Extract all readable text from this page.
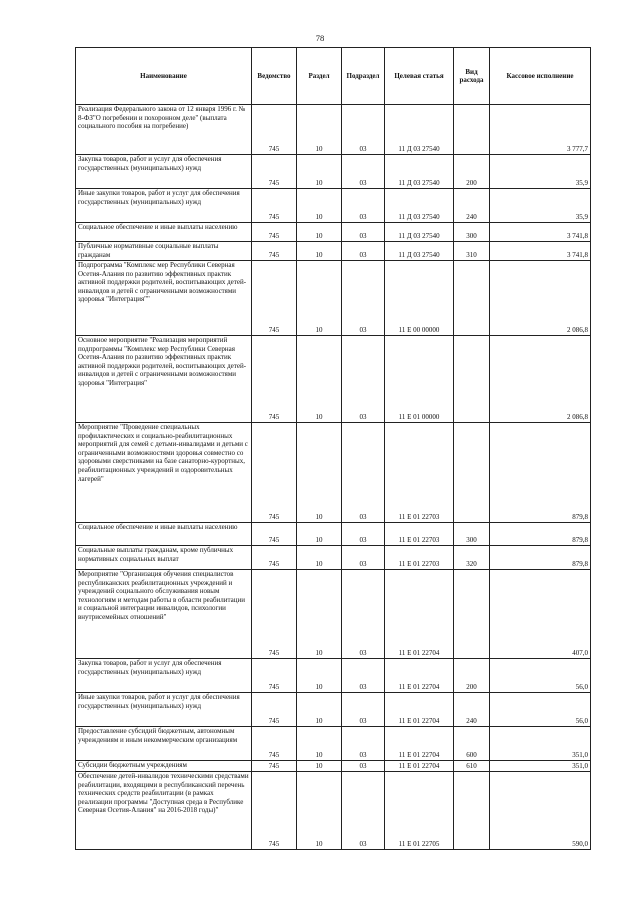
78
Наименование	Ведомство	Раздел	Подраздел	Целевая статья	Вид расхода	Кассовое исполнение
Реализация Федерального закона от 12 января 1996 г. № 8-ФЗ"О погребении и похоронном деле" (выплата социального пособия на погребение)	745	10	03	11 Д 03 27540		3 777,7
Закупка товаров, работ и услуг для обеспечения государственных (муниципальных) нужд	745	10	03	11 Д 03 27540	200	35,9
Иные закупки товаров, работ и услуг для обеспечения государственных (муниципальных) нужд	745	10	03	11 Д 03 27540	240	35,9
Социальное обеспечение и иные выплаты населению	745	10	03	11 Д 03 27540	300	3 741,8
Публичные нормативные социальные выплаты гражданам	745	10	03	11 Д 03 27540	310	3 741,8
Подпрограмма "Комплекс мер Республики Северная Осетия-Алания по развитию эффективных практик активной поддержки родителей, воспитывающих детей-инвалидов и детей с ограниченными возможностями здоровья "Интеграция""	745	10	03	11 Е 00 00000		2 086,8
Основное мероприятие "Реализация мероприятий подпрограммы "Комплекс мер Республики Северная Осетия-Алания по развитию эффективных практик активной поддержки родителей, воспитывающих детей-инвалидов и детей с ограниченными возможностями здоровья "Интеграция"	745	10	03	11 Е 01 00000		2 086,8
Мероприятие "Проведение специальных профилактических и социально-реабилитационных мероприятий для семей с детьми-инвалидами и детьми с ограниченными возможностями здоровья совместно со здоровыми сверстниками на базе санаторно-курортных, реабилитационных учреждений и оздоровительных лагерей"	745	10	03	11 Е 01 22703		879,8
Социальное обеспечение и иные выплаты населению	745	10	03	11 Е 01 22703	300	879,8
Социальные выплаты гражданам, кроме публичных нормативных социальных выплат	745	10	03	11 Е 01 22703	320	879,8
Мероприятие "Организация обучения специалистов республиканских реабилитационных учреждений и учреждений социального обслуживания новым технологиям и методам работы в области реабилитации и социальной интеграции инвалидов, психологии внутрисемейных отношений"	745	10	03	11 Е 01 22704		407,0
Закупка товаров, работ и услуг для обеспечения государственных (муниципальных) нужд	745	10	03	11 Е 01 22704	200	56,0
Иные закупки товаров, работ и услуг для обеспечения государственных (муниципальных) нужд	745	10	03	11 Е 01 22704	240	56,0
Предоставление субсидий бюджетным, автономным учреждениям и иным некоммерческим организациям	745	10	03	11 Е 01 22704	600	351,0
Субсидии бюджетным учреждениям	745	10	03	11 Е 01 22704	610	351,0
Обеспечение детей-инвалидов техническими средствами реабилитации, входящими в республиканский перечень технических средств реабилитации (в рамках реализации программы "Доступная среда в Республике Северная Осетия-Алания" на 2016-2018 годы)"	745	10	03	11 Е 01 22705		590,0
